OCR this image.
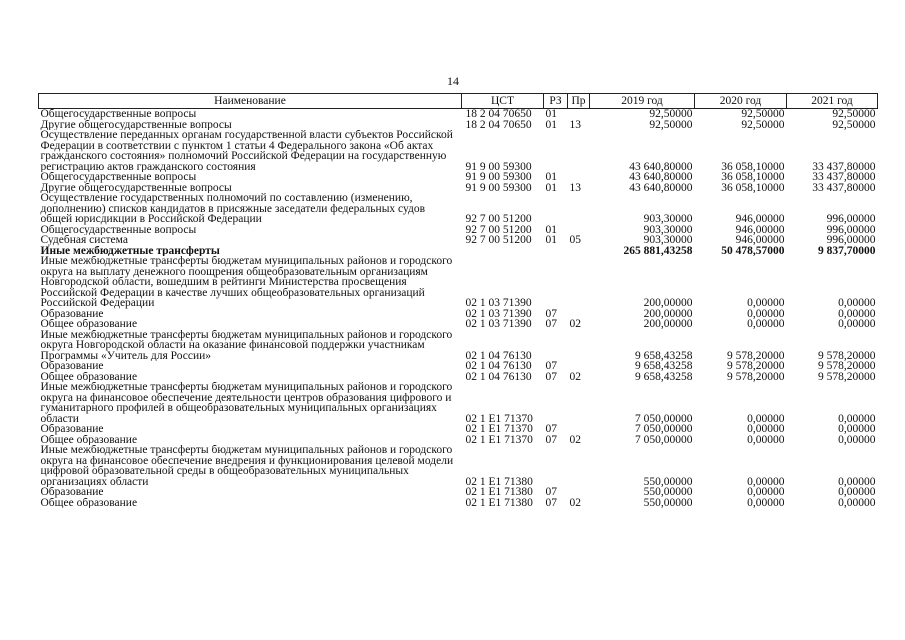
14
Наименование	ЦСТ	РЗ	Пр	2019 год	2020 год	2021 год
Общегосударственные вопросы	18 2 04 70650	01		92,50000	92,50000	92,50000
Другие общегосударственные вопросы	18 2 04 70650	01	13	92,50000	92,50000	92,50000
Осуществление переданных органам государственной власти субъектов Российской Федерации в соответствии с пунктом 1 статьи 4 Федерального закона «Об актах гражданского состояния» полномочий Российской Федерации на государственную регистрацию актов гражданского состояния	91 9 00 59300			43 640,80000	36 058,10000	33 437,80000
Общегосударственные вопросы	91 9 00 59300	01		43 640,80000	36 058,10000	33 437,80000
Другие общегосударственные вопросы	91 9 00 59300	01	13	43 640,80000	36 058,10000	33 437,80000
Осуществление государственных полномочий по составлению (изменению, дополнению) списков кандидатов в присяжные заседатели федеральных судов общей юрисдикции в Российской Федерации	92 7 00 51200			903,30000	946,00000	996,00000
Общегосударственные вопросы	92 7 00 51200	01		903,30000	946,00000	996,00000
Судебная система	92 7 00 51200	01	05	903,30000	946,00000	996,00000
Иные межбюджетные трансферты				265 881,43258	50 478,57000	9 837,70000
Иные межбюджетные трансферты бюджетам муниципальных районов и городского округа на выплату денежного поощрения общеобразовательным организациям Новгородской области, вошедшим в рейтинги Министерства просвещения Российской Федерации в качестве лучших общеобразовательных организаций Российской Федерации	02 1 03 71390			200,00000	0,00000	0,00000
Образование	02 1 03 71390	07		200,00000	0,00000	0,00000
Общее образование	02 1 03 71390	07	02	200,00000	0,00000	0,00000
Иные межбюджетные трансферты бюджетам муниципальных районов и городского округа Новгородской области на оказание финансовой поддержки участникам Программы «Учитель для России»	02 1 04 76130			9 658,43258	9 578,20000	9 578,20000
Образование	02 1 04 76130	07		9 658,43258	9 578,20000	9 578,20000
Общее образование	02 1 04 76130	07	02	9 658,43258	9 578,20000	9 578,20000
Иные межбюджетные трансферты бюджетам муниципальных районов и городского округа на финансовое обеспечение деятельности центров образования цифрового и гуманитарного профилей в общеобразовательных муниципальных организациях области	02 1 E1 71370			7 050,00000	0,00000	0,00000
Образование	02 1 E1 71370	07		7 050,00000	0,00000	0,00000
Общее образование	02 1 E1 71370	07	02	7 050,00000	0,00000	0,00000
Иные межбюджетные трансферты бюджетам муниципальных районов и городского округа на финансовое обеспечение внедрения и функционирования целевой модели цифровой образовательной среды в общеобразовательных муниципальных организациях области	02 1 E1 71380			550,00000	0,00000	0,00000
Образование	02 1 E1 71380	07		550,00000	0,00000	0,00000
Общее образование	02 1 E1 71380	07	02	550,00000	0,00000	0,00000
